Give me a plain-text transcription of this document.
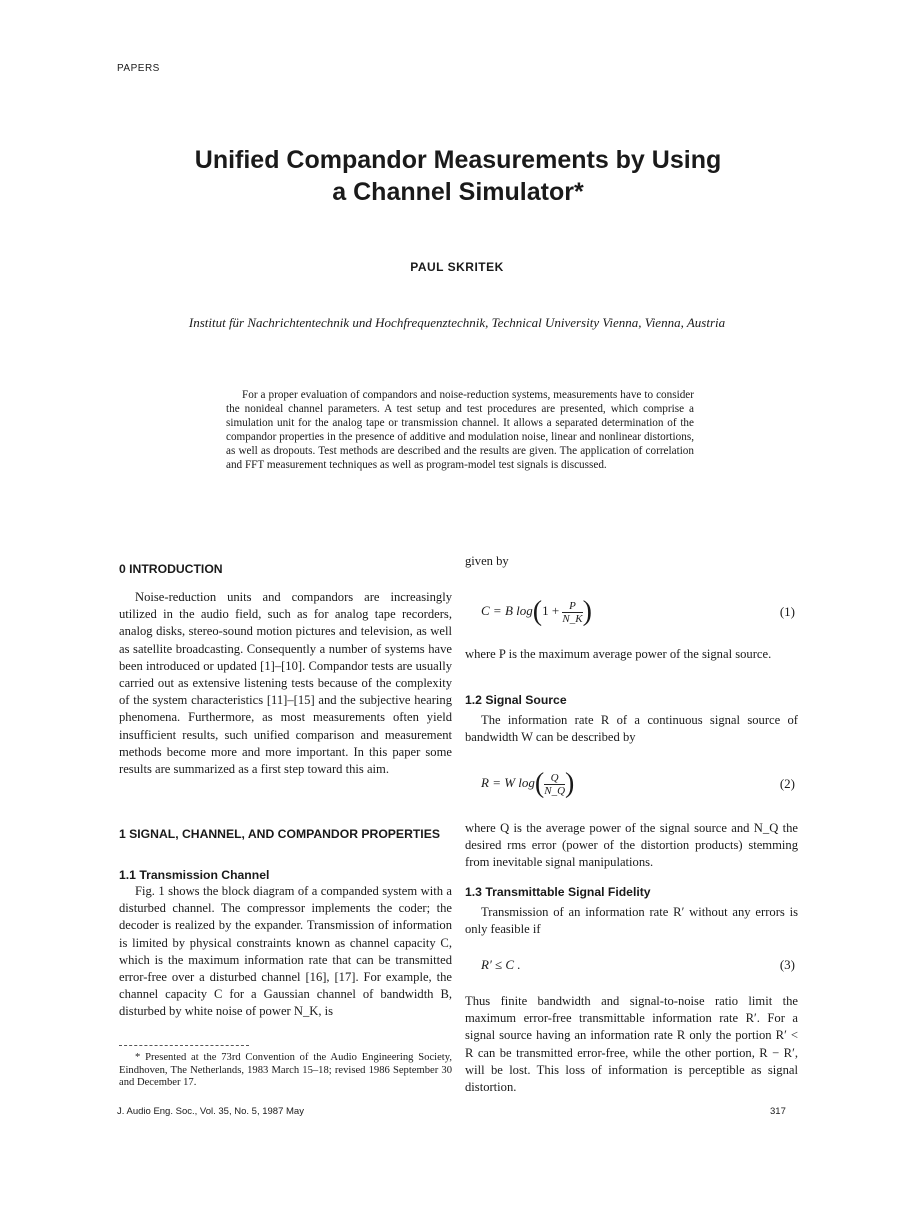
PAPERS
Unified Compandor Measurements by Using
a Channel Simulator*
PAUL SKRITEK
Institut für Nachrichtentechnik und Hochfrequenztechnik, Technical University Vienna, Vienna, Austria

For a proper evaluation of compandors and noise-reduction systems, measurements have to consider the nonideal channel parameters. A test setup and test procedures are presented, which comprise a simulation unit for the analog tape or transmission channel. It allows a separated determination of the compandor properties in the presence of additive and modulation noise, linear and nonlinear distortions, as well as dropouts. Test methods are described and the results are given. The application of correlation and FFT measurement techniques as well as program-model test signals is discussed.

0 INTRODUCTION

Noise-reduction units and compandors are increasingly utilized in the audio field, such as for analog tape recorders, analog disks, stereo-sound motion pictures and television, as well as satellite broadcasting. Consequently a number of systems have been introduced or updated [1]–[10]. Compandor tests are usually carried out as extensive listening tests because of the complexity of the system characteristics [11]–[15] and the subjective hearing phenomena. Furthermore, as most measurements often yield insufficient results, such unified comparison and measurement methods become more and more important. In this paper some results are summarized as a first step toward this aim.

1 SIGNAL, CHANNEL, AND COMPANDOR PROPERTIES
1.1 Transmission Channel

Fig. 1 shows the block diagram of a companded system with a disturbed channel. The compressor implements the coder; the decoder is realized by the expander. Transmission of information is limited by physical constraints known as channel capacity C, which is the maximum information rate that can be transmitted error-free over a disturbed channel [16], [17]. For example, the channel capacity C for a Gaussian channel of bandwidth B, disturbed by white noise of power N_K, is

* Presented at the 73rd Convention of the Audio Engineering Society, Eindhoven, The Netherlands, 1983 March 15–18; revised 1986 September 30 and December 17.

given by

C = B $\log(1 + \frac{P}{N\_K}$ )	(1)

where P is the maximum average power of the signal source.

1.2 Signal Source

The information rate R of a continuous signal source of bandwidth W can be described by

R = W $\log( \frac{Q}{N\_Q}$ )	(2)

where Q is the average power of the signal source and N_Q the desired rms error (power of the distortion products) stemming from inevitable signal manipulations.

1.3 Transmittable Signal Fidelity

Transmission of an information rate R′ without any errors is only feasible if

R′ ≤ C .	(3)

Thus finite bandwidth and signal-to-noise ratio limit the maximum error-free transmittable information rate R′. For a signal source having an information rate R only the portion R′ < R can be transmitted error-free, while the other portion, R − R′, will be lost. This loss of information is perceptible as signal distortion.

J. Audio Eng. Soc., Vol. 35, No. 5, 1987 May	317
